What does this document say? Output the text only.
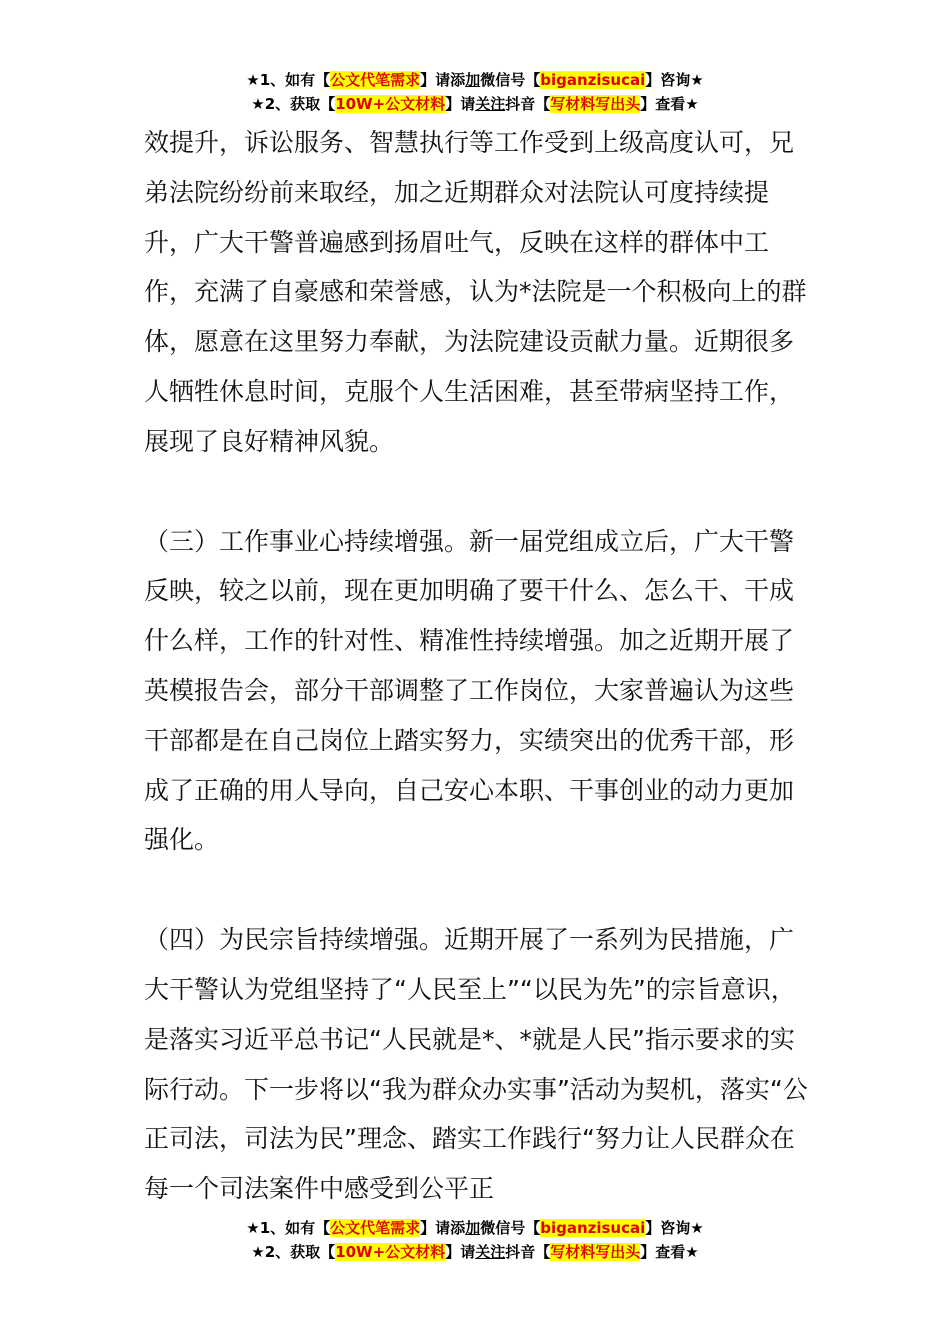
★1、如有【公文代笔需求】请添加微信号【biganzisucai】咨询★
★2、获取【10W+公文材料】请关注抖音【写材料写出头】查看★

效提升，诉讼服务、智慧执行等工作受到上级高度认可，兄弟法院纷纷前来取经，加之近期群众对法院认可度持续提升，广大干警普遍感到扬眉吐气，反映在这样的群体中工作，充满了自豪感和荣誉感，认为*法院是一个积极向上的群体，愿意在这里努力奉献，为法院建设贡献力量。近期很多人牺牲休息时间，克服个人生活困难，甚至带病坚持工作，展现了良好精神风貌。

（三）工作事业心持续增强。新一届党组成立后，广大干警反映，较之以前，现在更加明确了要干什么、怎么干、干成什么样，工作的针对性、精准性持续增强。加之近期开展了英模报告会，部分干部调整了工作岗位，大家普遍认为这些干部都是在自己岗位上踏实努力，实绩突出的优秀干部，形成了正确的用人导向，自己安心本职、干事创业的动力更加强化。

（四）为民宗旨持续增强。近期开展了一系列为民措施，广大干警认为党组坚持了“人民至上”“以民为先”的宗旨意识，是落实习近平总书记“人民就是*、*就是人民”指示要求的实际行动。下一步将以“我为群众办实事”活动为契机，落实“公正司法，司法为民”理念、踏实工作践行“努力让人民群众在每一个司法案件中感受到公平正

★1、如有【公文代笔需求】请添加微信号【biganzisucai】咨询★
★2、获取【10W+公文材料】请关注抖音【写材料写出头】查看★
